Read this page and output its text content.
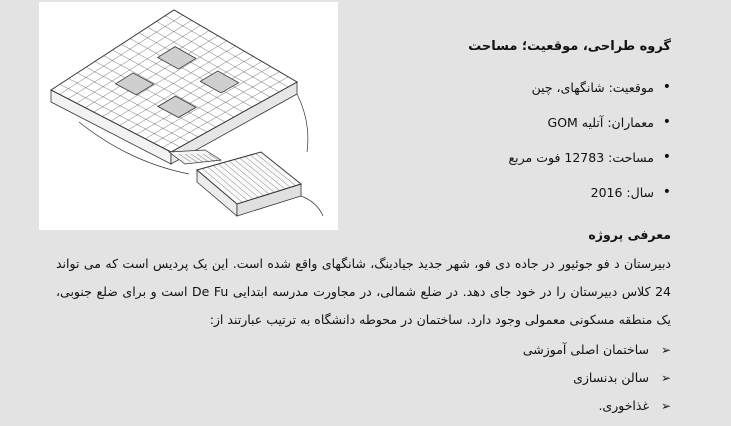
گروه طراحی، موقعیت؛ مساحت
•
موقعیت: شانگهای، چین
•
معماران: آتلیه GOM
•
مساحت: 12783 فوت مربع
•
سال: 2016
معرفی پروژه

دبیرستان د فو جوئیور در جاده دی فو، شهر جدید جیادینگ، شانگهای واقع شده است. این یک پردیس است که می تواند 24 کلاس دبیرستان را در خود جای دهد. در ضلع شمالی، در مجاورت مدرسه ابتدایی De Fu است و برای ضلع جنوبی، یک منطقه مسکونی معمولی وجود دارد. ساختمان در محوطه دانشگاه به ترتیب عبارتند از:

➢
ساختمان اصلی آموزشی
➢
سالن بدنسازی
➢
غذاخوری.
